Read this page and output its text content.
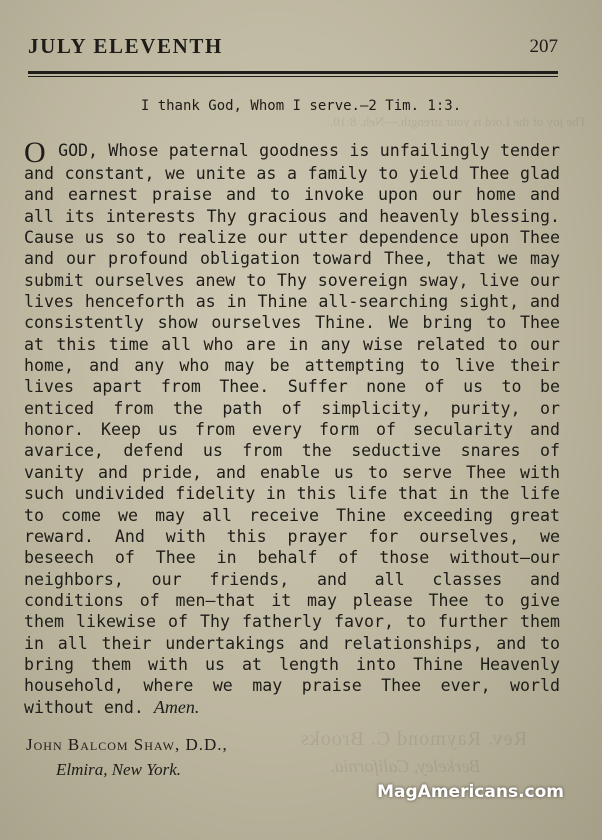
The joy of the Lord is your strength.—Neh. 8:10.
Rev. Raymond C. Brooks
Berkeley, California.
JULY ELEVENTH	207
I thank God, Whom I serve.—2 Tim. 1:3.

O GOD, Whose paternal goodness is unfailingly tender and constant, we unite as a family to yield Thee glad and earnest praise and to invoke upon our home and all its interests Thy gracious and heavenly blessing. Cause us so to realize our utter dependence upon Thee and our profound obligation toward Thee, that we may submit ourselves anew to Thy sovereign sway, live our lives henceforth as in Thine all-searching sight, and consistently show ourselves Thine. We bring to Thee at this time all who are in any wise related to our home, and any who may be attempting to live their lives apart from Thee. Suffer none of us to be enticed from the path of simplicity, purity, or honor. Keep us from every form of secularity and avarice, defend us from the seductive snares of vanity and pride, and enable us to serve Thee with such undivided fidelity in this life that in the life to come we may all receive Thine exceeding great reward. And with this prayer for ourselves, we beseech of Thee in behalf of those without—our neighbors, our friends, and all classes and conditions of men—that it may please Thee to give them likewise of Thy fatherly favor, to further them in all their undertakings and relationships, and to bring them with us at length into Thine Heavenly household, where we may praise Thee ever, world without end. Amen.

John Balcom Shaw, D.D.,
Elmira, New York.
MagAmericans.com
